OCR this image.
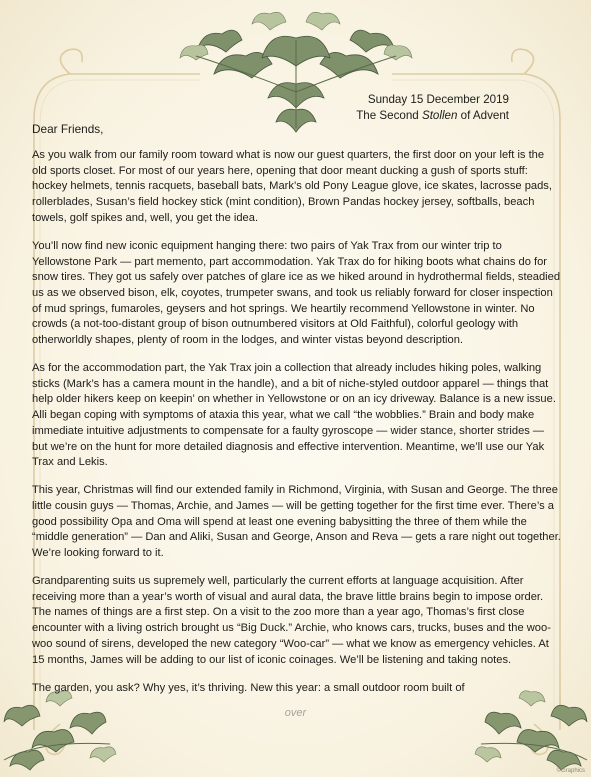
Sunday 15 December 2019
The Second Stollen of Advent
Dear Friends,

As you walk from our family room toward what is now our guest quarters, the first door on your left is the old sports closet. For most of our years here, opening that door meant ducking a gush of sports stuff: hockey helmets, tennis racquets, baseball bats, Mark’s old Pony League glove, ice skates, lacrosse pads, rollerblades, Susan’s field hockey stick (mint condition), Brown Pandas hockey jersey, softballs, beach towels, golf spikes and, well, you get the idea.

You’ll now find new iconic equipment hanging there: two pairs of Yak Trax from our winter trip to Yellowstone Park — part memento, part accommodation. Yak Trax do for hiking boots what chains do for snow tires. They got us safely over patches of glare ice as we hiked around in hydrothermal fields, steadied us as we observed bison, elk, coyotes, trumpeter swans, and took us reliably forward for closer inspection of mud springs, fumaroles, geysers and hot springs. We heartily recommend Yellowstone in winter. No crowds (a not-too-distant group of bison outnumbered visitors at Old Faithful), colorful geology with otherworldly shapes, plenty of room in the lodges, and winter vistas beyond description.

As for the accommodation part, the Yak Trax join a collection that already includes hiking poles, walking sticks (Mark’s has a camera mount in the handle), and a bit of niche-styled outdoor apparel — things that help older hikers keep on keepin’ on whether in Yellowstone or on an icy driveway. Balance is a new issue. Alli began coping with symptoms of ataxia this year, what we call “the wobblies.” Brain and body make immediate intuitive adjustments to compensate for a faulty gyroscope — wider stance, shorter strides — but we’re on the hunt for more detailed diagnosis and effective intervention. Meantime, we’ll use our Yak Trax and Lekis.

This year, Christmas will find our extended family in Richmond, Virginia, with Susan and George. The three little cousin guys — Thomas, Archie, and James — will be getting together for the first time ever. There’s a good possibility Opa and Oma will spend at least one evening babysitting the three of them while the “middle generation” — Dan and Aliki, Susan and George, Anson and Reva — gets a rare night out together. We’re looking forward to it.

Grandparenting suits us supremely well, particularly the current efforts at language acquisition. After receiving more than a year’s worth of visual and aural data, the brave little brains begin to impose order. The names of things are a first step. On a visit to the zoo more than a year ago, Thomas’s first close encounter with a living ostrich brought us “Big Duck.” Archie, who knows cars, trucks, buses and the woo-woo sound of sirens, developed the new category “Woo-car” — what we know as emergency vehicles. At 15 months, James will be adding to our list of iconic coinages. We’ll be listening and taking notes.

The garden, you ask? Why yes, it’s thriving. New this year: a small outdoor room built of

over
©Graphics
